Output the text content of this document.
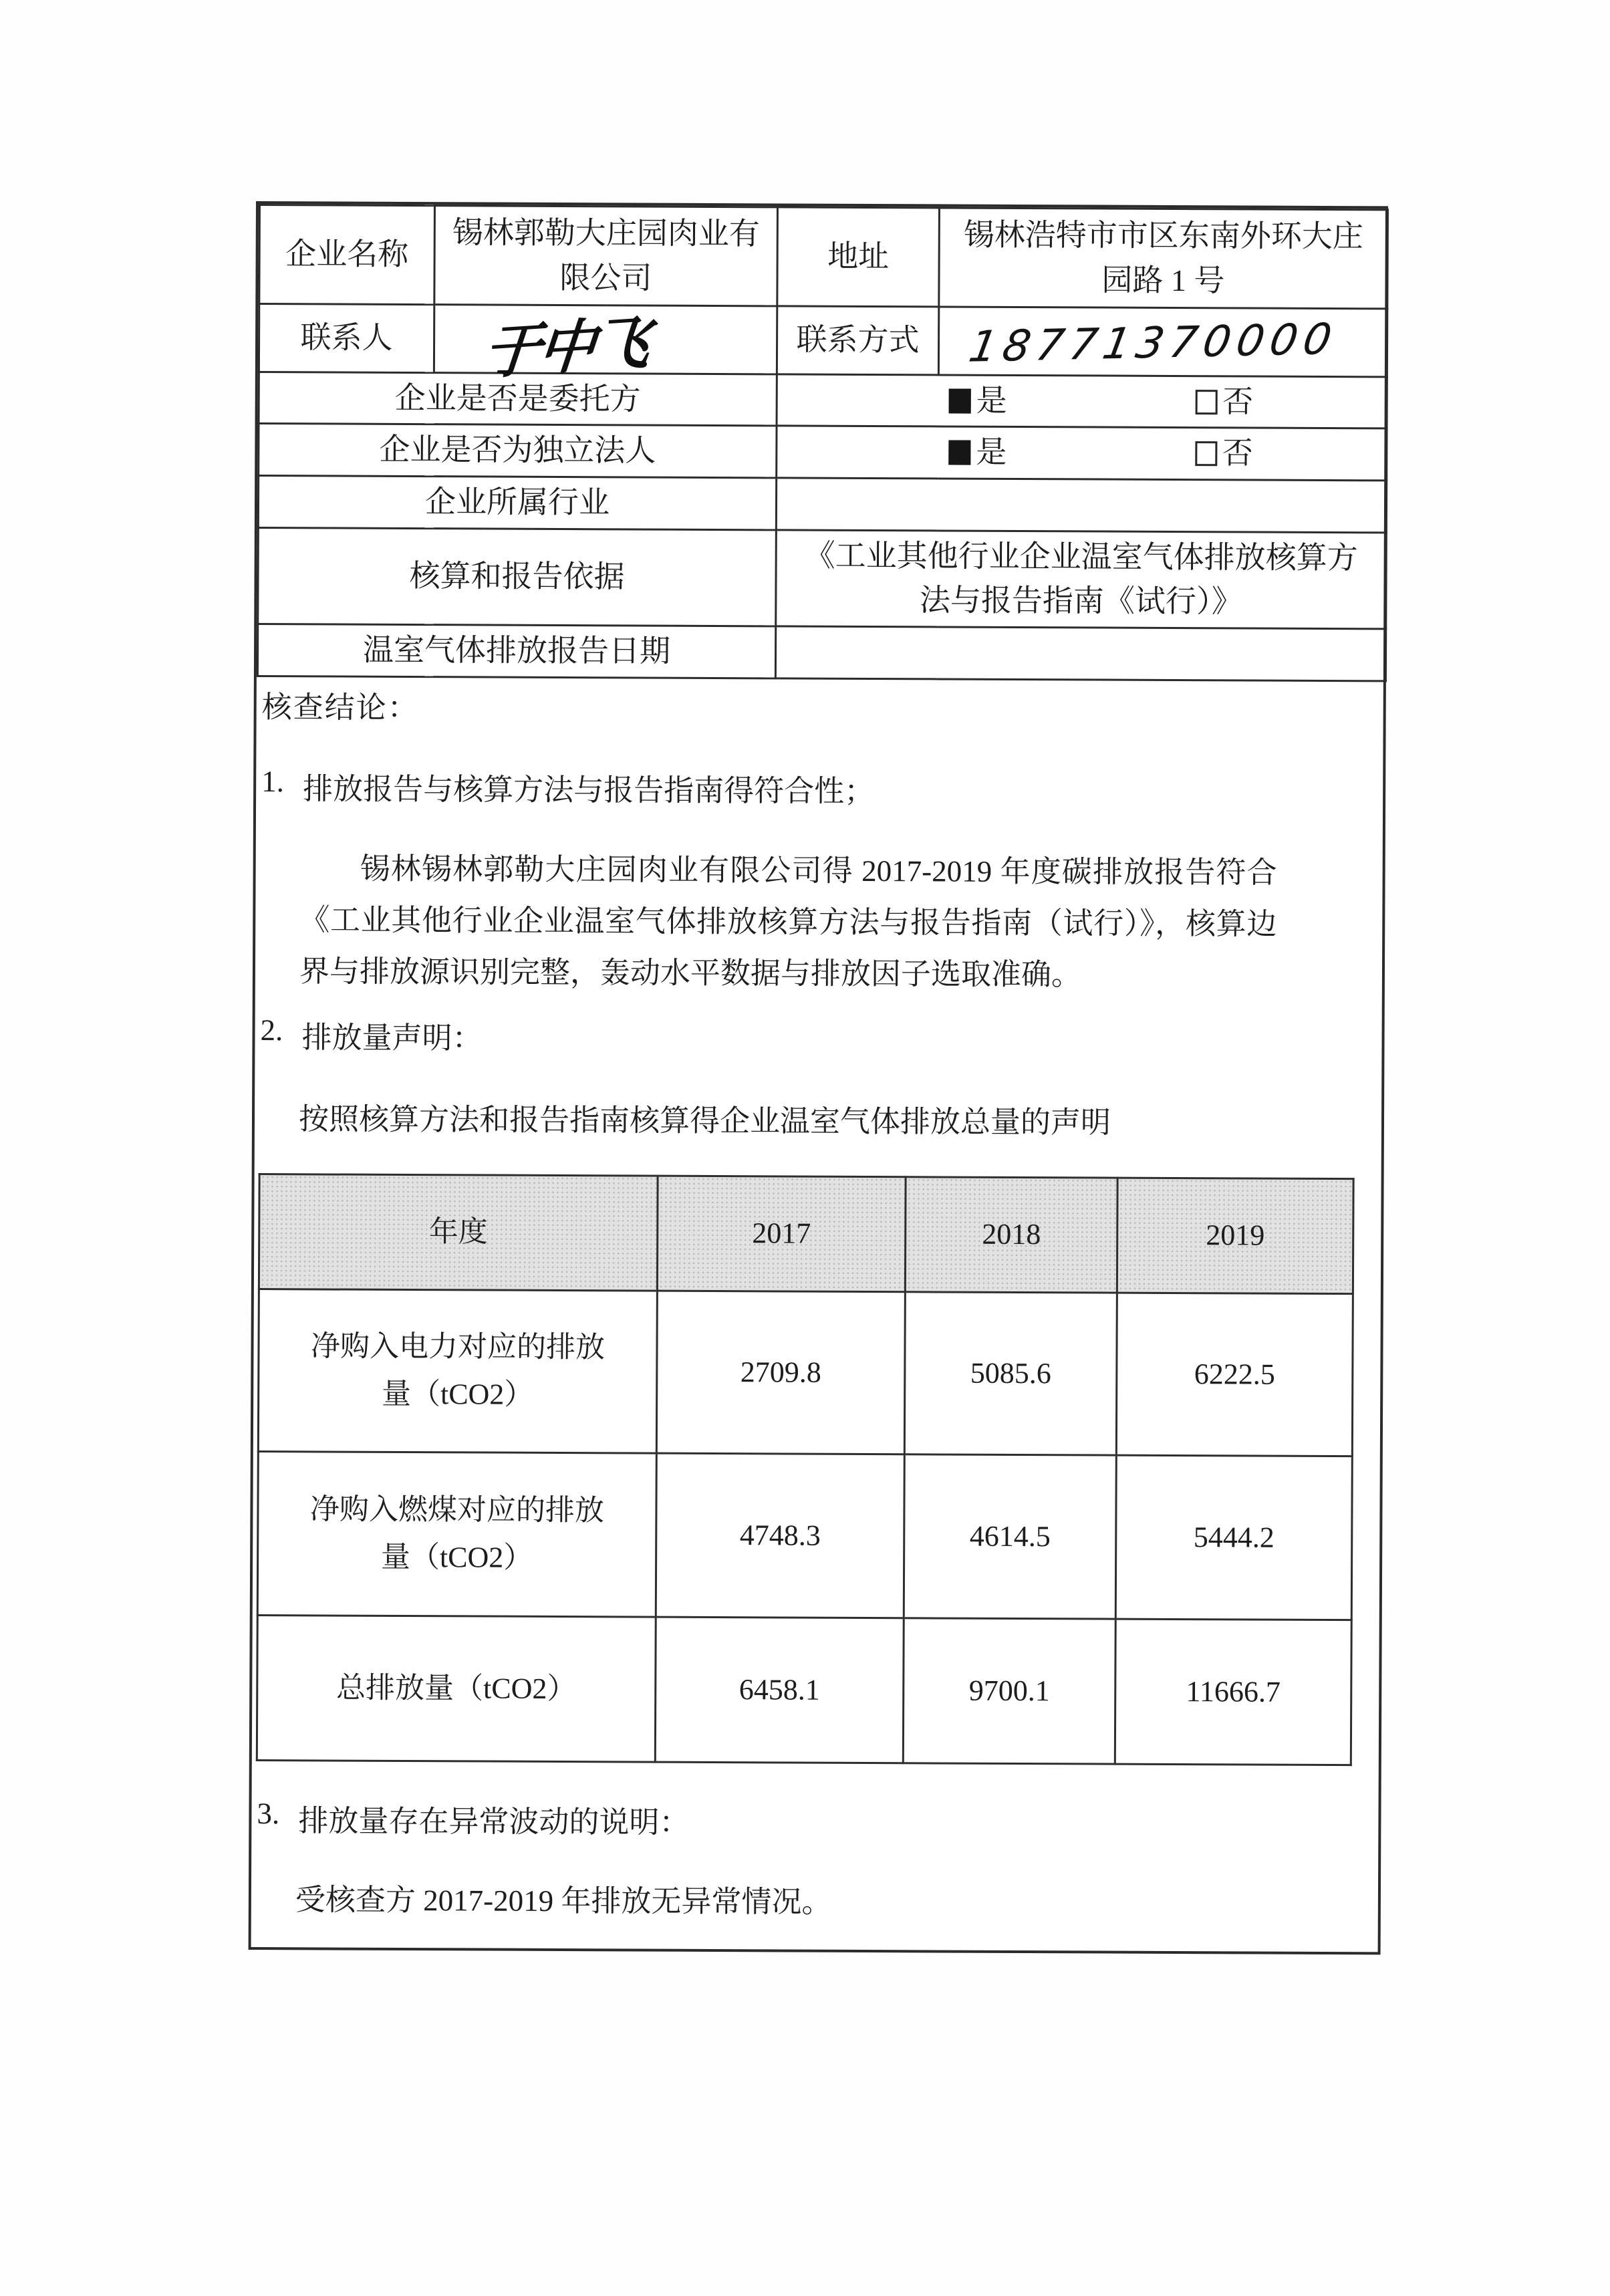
企业名称	锡林郭勒大庄园肉业有限公司	地址	锡林浩特市市区东南外环大庄园路 1 号
联系人	于中飞	联系方式	18771370000
企业是否是委托方		是 否	
企业是否为独立法人		是 否	
企业所属行业			
核算和报告依据		《工业其他行业企业温室气体排放核算方法与报告指南《试行）》	
温室气体排放报告日期			
核查结论：
1. 排放报告与核算方法与报告指南得符合性；
锡林锡林郭勒大庄园肉业有限公司得 2017-2019 年度碳排放报告符合《工业其他行业企业温室气体排放核算方法与报告指南（试行）》，核算边界与排放源识别完整，轰动水平数据与排放因子选取准确。
2. 排放量声明：
按照核算方法和报告指南核算得企业温室气体排放总量的声明
年度	2017	2018	2019
净购入电力对应的排放量（tCO2）	2709.8	5085.6	6222.5
净购入燃煤对应的排放量（tCO2）	4748.3	4614.5	5444.2
总排放量（tCO2）	6458.1	9700.1	11666.7
3. 排放量存在异常波动的说明：
受核查方 2017-2019 年排放无异常情况。
